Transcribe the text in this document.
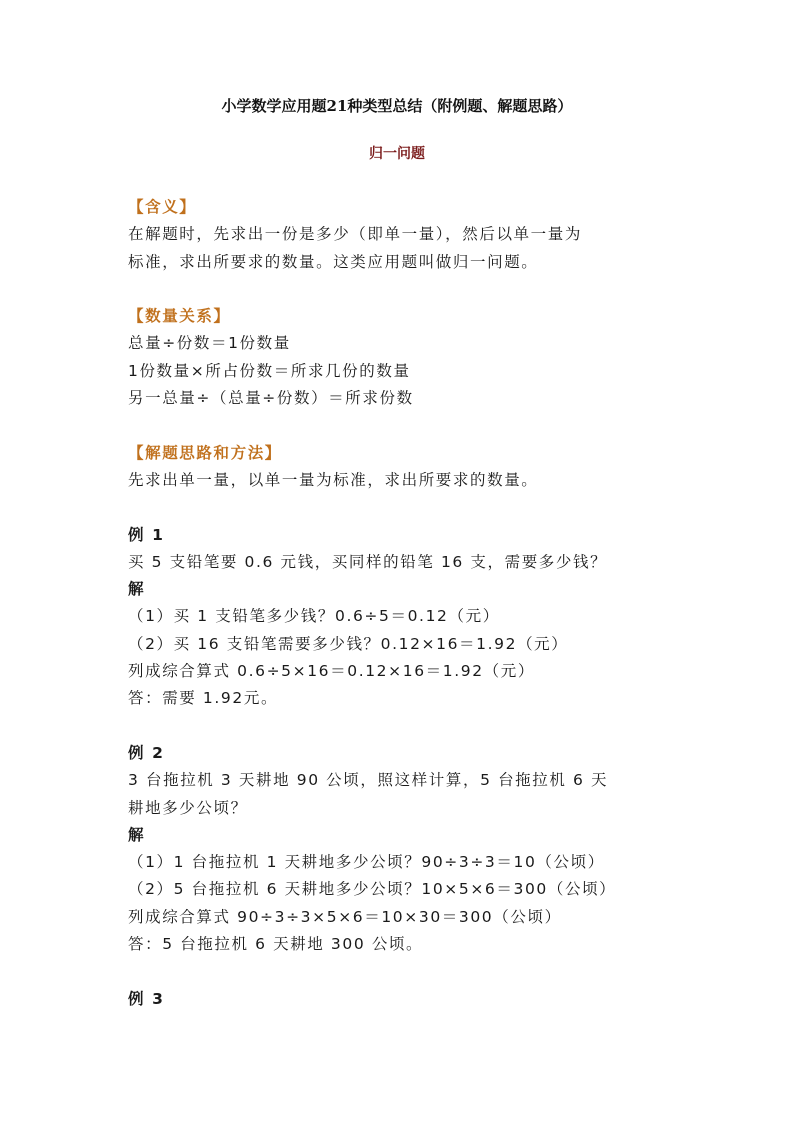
小学数学应用题21种类型总结（附例题、解题思路）
归一问题
【含义】
在解题时，先求出一份是多少（即单一量），然后以单一量为
标准，求出所要求的数量。这类应用题叫做归一问题。
【数量关系】
总量÷份数＝1份数量
1份数量×所占份数＝所求几份的数量
另一总量÷（总量÷份数）＝所求份数
【解题思路和方法】
先求出单一量，以单一量为标准，求出所要求的数量。
例 1
买 5 支铅笔要 0.6 元钱，买同样的铅笔 16 支，需要多少钱？
解
（1）买 1 支铅笔多少钱？0.6÷5＝0.12（元）
（2）买 16 支铅笔需要多少钱？0.12×16＝1.92（元）
列成综合算式 0.6÷5×16＝0.12×16＝1.92（元）
答：需要 1.92元。
例 2
3 台拖拉机 3 天耕地 90 公顷，照这样计算，5 台拖拉机 6 天
耕地多少公顷？
解
（1）1 台拖拉机 1 天耕地多少公顷？90÷3÷3＝10（公顷）
（2）5 台拖拉机 6 天耕地多少公顷？10×5×6＝300（公顷）
列成综合算式 90÷3÷3×5×6＝10×30＝300（公顷）
答：5 台拖拉机 6 天耕地 300 公顷。
例 3
